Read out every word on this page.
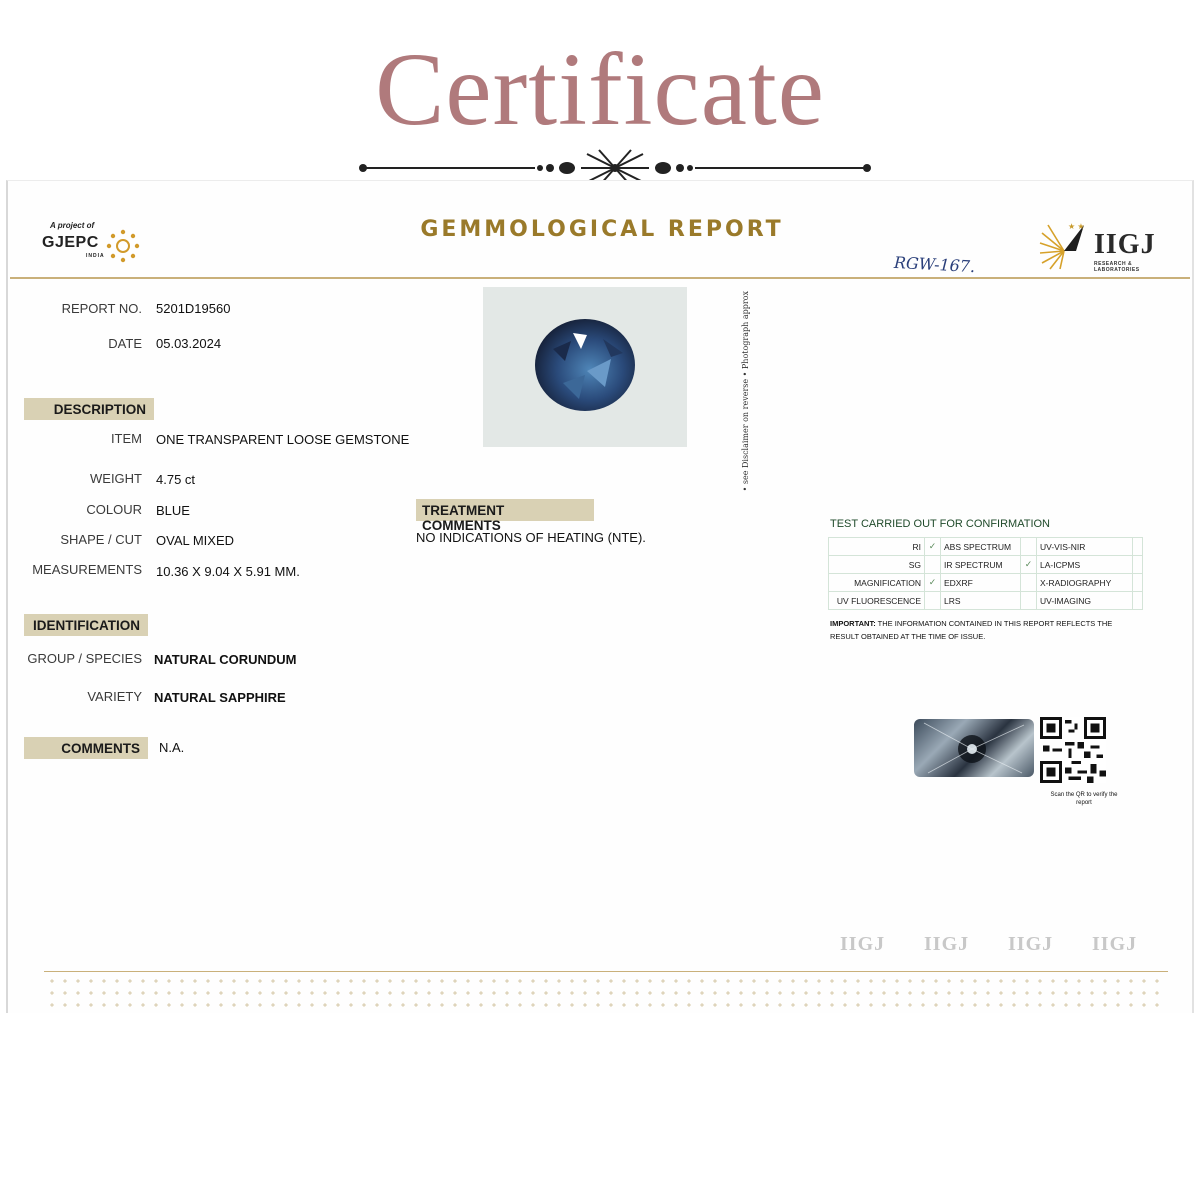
Certificate
A project of
GJEPC
INDIA
GEMMOLOGICAL REPORT	★ ★
IIGJ
RESEARCH & LABORATORIES
RGW-167.
REPORT NO. 5201D19560
DATE 05.03.2024
DESCRIPTION
ITEM ONE TRANSPARENT LOOSE GEMSTONE
WEIGHT 4.75 ct
COLOUR BLUE
SHAPE / CUT OVAL MIXED
MEASUREMENTS 10.36 X 9.04 X 5.91 MM.
IDENTIFICATION
GROUP / SPECIES NATURAL CORUNDUM
VARIETY NATURAL SAPPHIRE
COMMENTS	N.A.
• see Disclaimer on reverse • Photograph approx
TREATMENT COMMENTS
NO INDICATIONS OF HEATING (NTE).
TEST CARRIED OUT FOR CONFIRMATION
RI	✓	ABS SPECTRUM		UV-VIS-NIR	
SG		IR SPECTRUM	✓	LA-ICPMS	
MAGNIFICATION	✓	EDXRF		X-RADIOGRAPHY	
UV FLUORESCENCE		LRS		UV-IMAGING	
IMPORTANT: THE INFORMATION CONTAINED IN THIS REPORT REFLECTS THE RESULT OBTAINED AT THE TIME OF ISSUE.
Scan the QR to verify the report
IIGJ IIGJ IIGJ IIGJ
